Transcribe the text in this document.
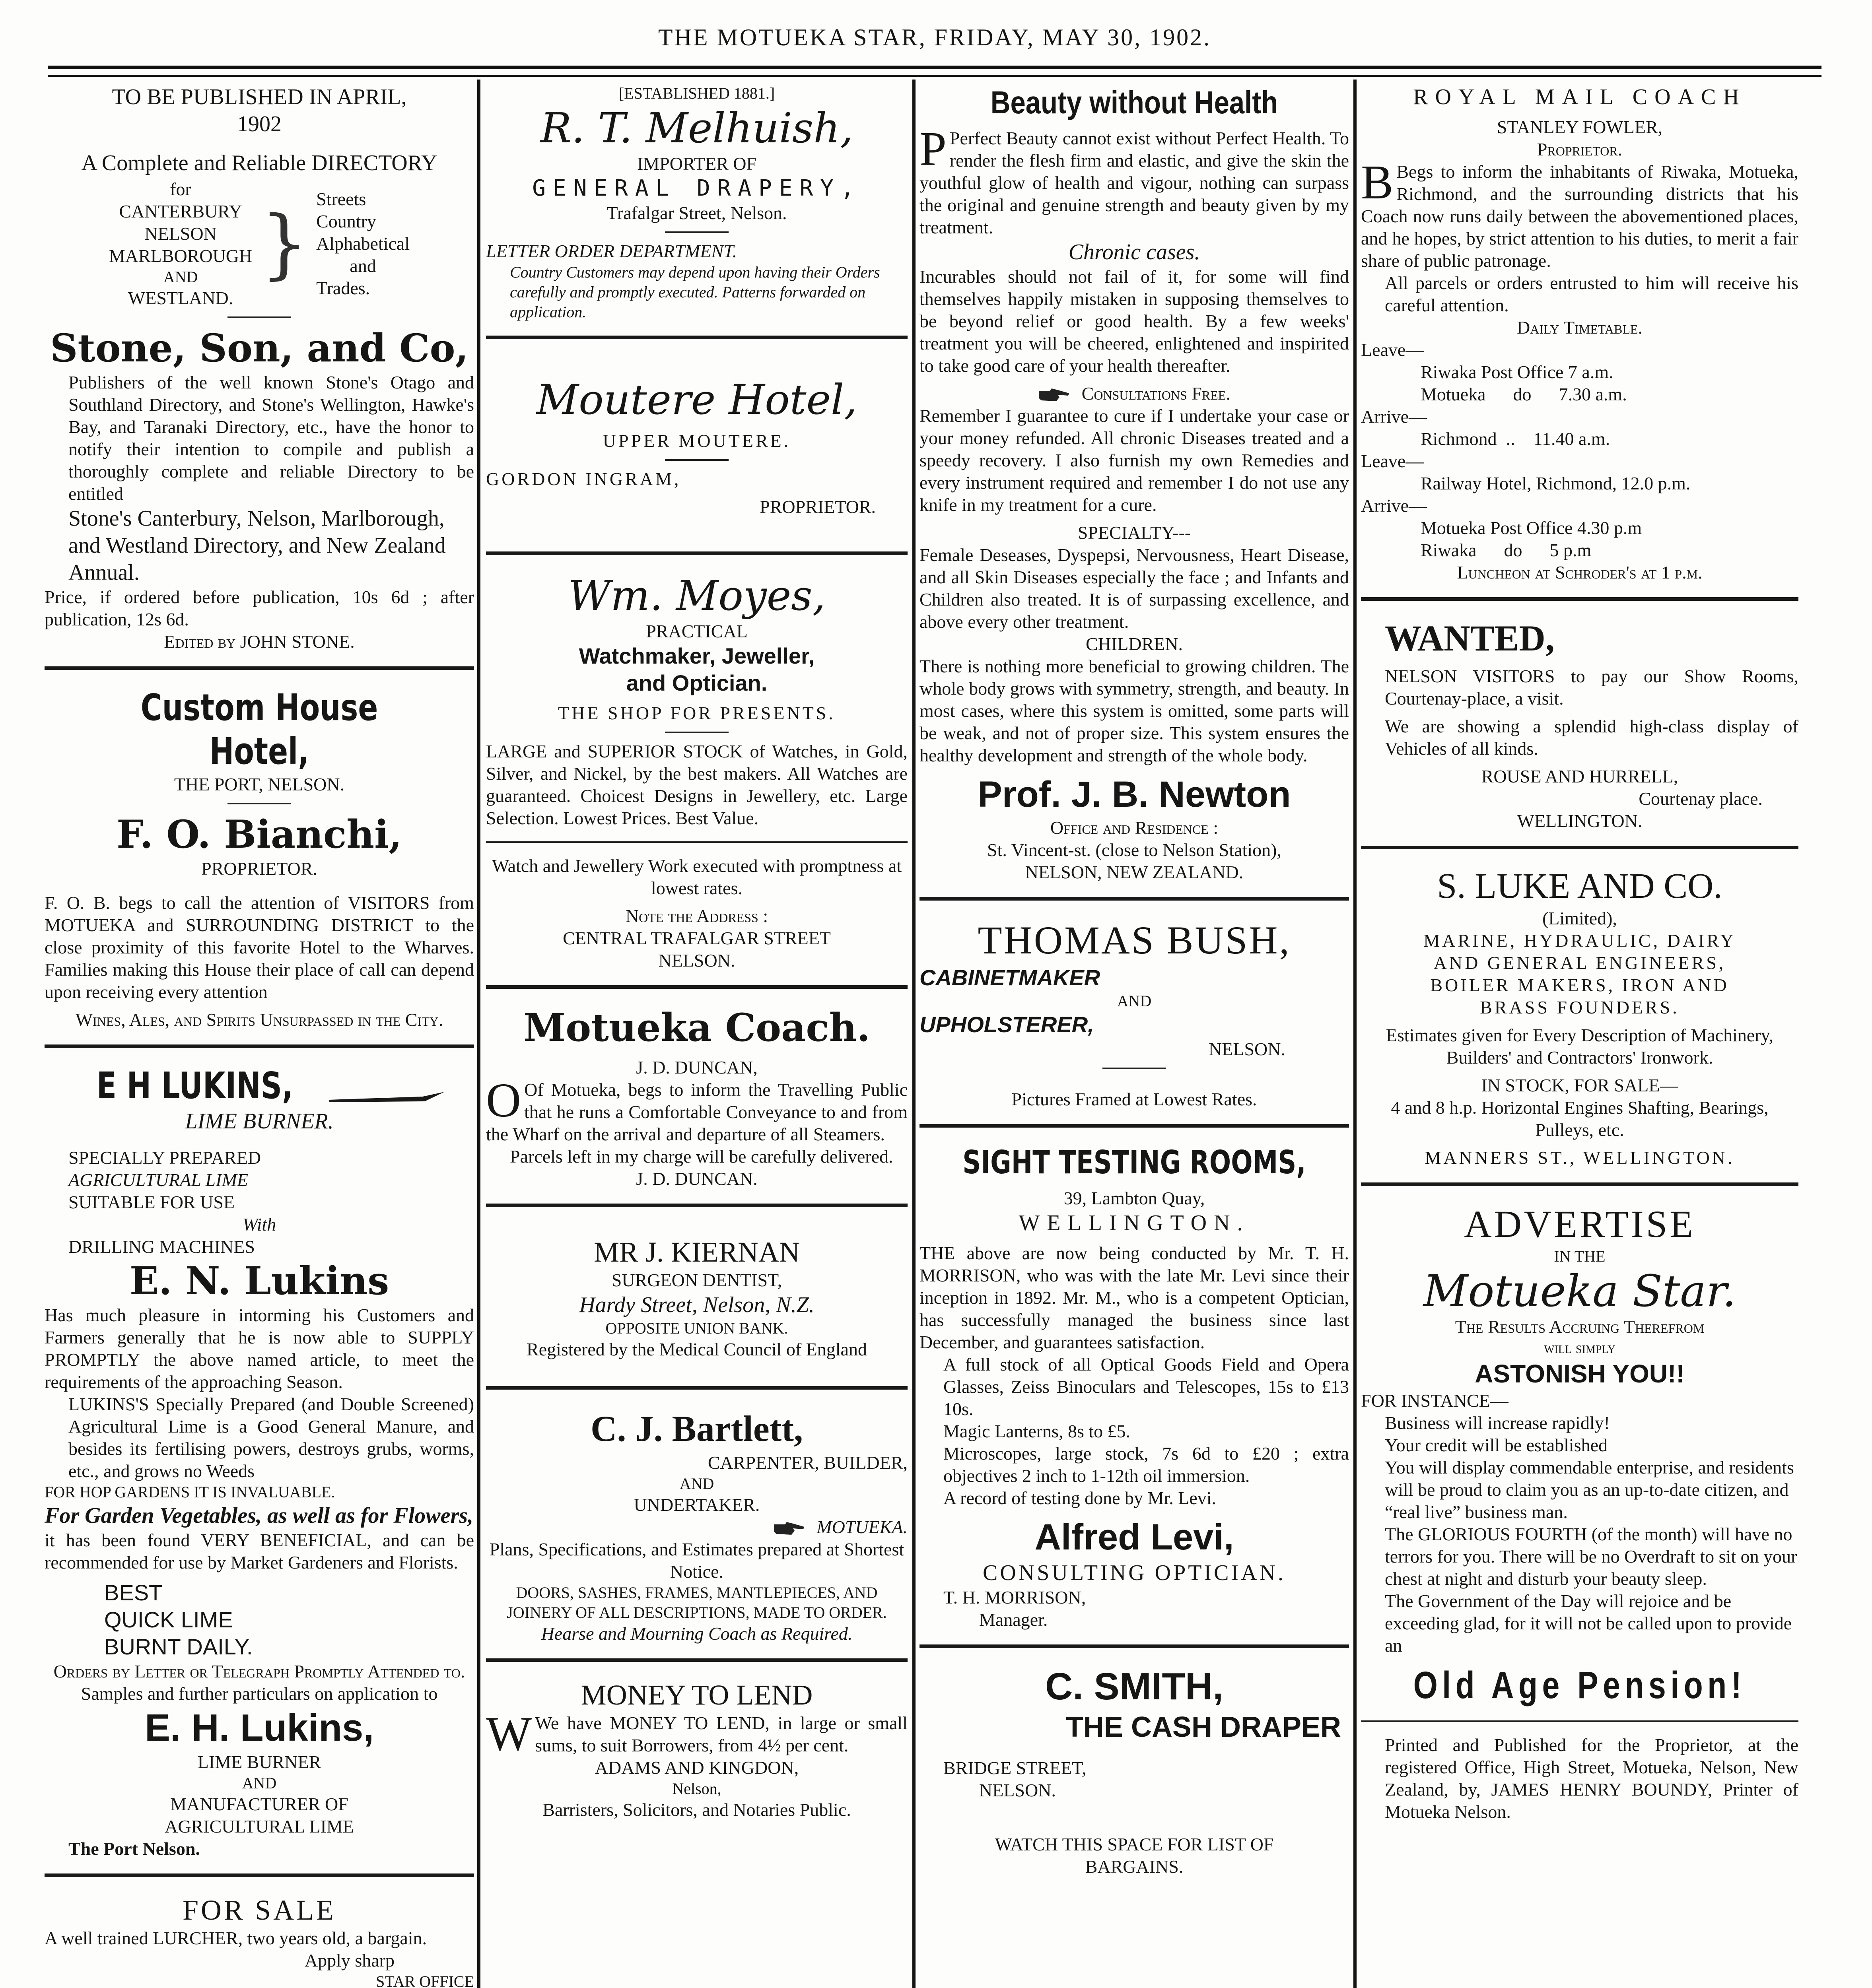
THE MOTUEKA STAR, FRIDAY, MAY 30, 1902.
TO BE PUBLISHED IN APRIL,
1902
A Complete and Reliable DIRECTORY
for
CANTERBURY
NELSON
MARLBOROUGH
AND
WESTLAND.
}
Streets
Country
Alphabetical
and
Trades.
Stone, Son, and Co,
Publishers of the well known Stone's Otago and Southland Directory, and Stone's Wellington, Hawke's Bay, and Taranaki Directory, etc., have the honor to notify their intention to compile and publish a thoroughly complete and reliable Directory to be entitled
Stone's Canterbury, Nelson, Marlborough, and Westland Directory, and New Zealand Annual.
Price, if ordered before publication, 10s 6d ; after publication, 12s 6d.
Edited by JOHN STONE.
Custom House Hotel,
THE PORT, NELSON.
F. O. Bianchi,
PROPRIETOR.
F. O. B. begs to call the attention of VISITORS from MOTUEKA and SURROUNDING DISTRICT to the close proximity of this favorite Hotel to the Wharves. Families making this House their place of call can depend upon receiving every attention
Wines, Ales, and Spirits Unsurpassed in the City.
E H LUKINS,
LIME BURNER.
SPECIALLY PREPARED
AGRICULTURAL LIME
SUITABLE FOR USE
With
DRILLING MACHINES
E. N. Lukins
Has much pleasure in intorming his Customers and Farmers generally that he is now able to SUPPLY PROMPTLY the above named article, to meet the requirements of the approaching Season.
LUKINS'S Specially Prepared (and Double Screened) Agricultural Lime is a Good General Manure, and besides its fertilising powers, destroys grubs, worms, etc., and grows no Weeds
FOR HOP GARDENS IT IS INVALUABLE.
For Garden Vegetables, as well as for Flowers,
it has been found VERY BENEFICIAL, and can be recommended for use by Market Gardeners and Florists.
BEST
QUICK LIME
BURNT DAILY.
Orders by Letter or Telegraph Promptly Attended to.
Samples and further particulars on application to
E. H. Lukins,
LIME BURNER
AND
MANUFACTURER OF
AGRICULTURAL LIME
The Port Nelson.
FOR SALE
A well trained LURCHER, two years old, a bargain.
Apply sharp
STAR OFFICE
[ESTABLISHED 1881.]
R. T. Melhuish,
IMPORTER OF
GENERAL DRAPERY,
Trafalgar Street, Nelson.
LETTER ORDER DEPARTMENT.
Country Customers may depend upon having their Orders carefully and promptly executed. Patterns forwarded on application.
Moutere Hotel,
UPPER MOUTERE.
GORDON INGRAM,
PROPRIETOR.
Wm. Moyes,
PRACTICAL
Watchmaker, Jeweller,
and Optician.
THE SHOP FOR PRESENTS.
LARGE and SUPERIOR STOCK of Watches, in Gold, Silver, and Nickel, by the best makers. All Watches are guaranteed. Choicest Designs in Jewellery, etc. Large Selection. Lowest Prices. Best Value.
Watch and Jewellery Work executed with promptness at lowest rates.
Note the Address :
CENTRAL TRAFALGAR STREET
NELSON.
Motueka Coach.
J. D. DUNCAN,
O Of Motueka, begs to inform the Travelling Public that he runs a Comfortable Conveyance to and from the Wharf on the arrival and departure of all Steamers.
Parcels left in my charge will be carefully delivered.
J. D. DUNCAN.
MR J. KIERNAN
SURGEON DENTIST,
Hardy Street, Nelson, N.Z.
OPPOSITE UNION BANK.
Registered by the Medical Council of England
C. J. Bartlett,
CARPENTER, BUILDER,
AND
UNDERTAKER.
MOTUEKA.
Plans, Specifications, and Estimates prepared at Shortest Notice.
DOORS, SASHES, FRAMES, MANTLEPIECES, AND JOINERY OF ALL DESCRIPTIONS, MADE TO ORDER.
Hearse and Mourning Coach as Required.
MONEY TO LEND
W We have MONEY TO LEND, in large or small sums, to suit Borrowers, from 4½ per cent.
ADAMS AND KINGDON,
Nelson,
Barristers, Solicitors, and Notaries Public.
Beauty without Health
P Perfect Beauty cannot exist without Perfect Health. To render the flesh firm and elastic, and give the skin the youthful glow of health and vigour, nothing can surpass the original and genuine strength and beauty given by my treatment.
Chronic cases.
Incurables should not fail of it, for some will find themselves happily mistaken in supposing themselves to be beyond relief or good health. By a few weeks' treatment you will be cheered, enlightened and inspirited to take good care of your health thereafter.
Consultations Free.
Remember I guarantee to cure if I undertake your case or your money refunded. All chronic Diseases treated and a speedy recovery. I also furnish my own Remedies and every instrument required and remember I do not use any knife in my treatment for a cure.
SPECIALTY---
Female Deseases, Dyspepsi, Nervousness, Heart Disease, and all Skin Diseases especially the face ; and Infants and Children also treated. It is of surpassing excellence, and above every other treatment.
CHILDREN.
There is nothing more beneficial to growing children. The whole body grows with symmetry, strength, and beauty. In most cases, where this system is omitted, some parts will be weak, and not of proper size. This system ensures the healthy development and strength of the whole body.
Prof. J. B. Newton
Office and Residence :
St. Vincent-st. (close to Nelson Station),
NELSON, NEW ZEALAND.
THOMAS BUSH,
CABINETMAKER
AND
UPHOLSTERER,
NELSON.
Pictures Framed at Lowest Rates.
SIGHT TESTING ROOMS,
39, Lambton Quay,
WELLINGTON.
THE above are now being conducted by Mr. T. H. MORRISON, who was with the late Mr. Levi since their inception in 1892. Mr. M., who is a competent Optician, has successfully managed the business since last December, and guarantees satisfaction.
A full stock of all Optical Goods Field and Opera Glasses, Zeiss Binoculars and Telescopes, 15s to £13 10s.
Magic Lanterns, 8s to £5.
Microscopes, large stock, 7s 6d to £20 ; extra objectives 2 inch to 1-12th oil immersion.
A record of testing done by Mr. Levi.
Alfred Levi,
CONSULTING OPTICIAN.
T. H. MORRISON,
Manager.
C. SMITH,
THE CASH DRAPER
BRIDGE STREET,
NELSON.
WATCH THIS SPACE FOR LIST OF BARGAINS.
ROYAL MAIL COACH
STANLEY FOWLER,
Proprietor.
B Begs to inform the inhabitants of Riwaka, Motueka, Richmond, and the surrounding districts that his Coach now runs daily between the abovementioned places, and he hopes, by strict attention to his duties, to merit a fair share of public patronage.
All parcels or orders entrusted to him will receive his careful attention.
Daily Timetable.
Leave—
Riwaka Post Office 7 a.m.
Motueka      do      7.30 a.m.
Arrive—
Richmond  ..    11.40 a.m.
Leave—
Railway Hotel, Richmond, 12.0 p.m.
Arrive—
Motueka Post Office 4.30 p.m
Riwaka      do      5 p.m
Luncheon at Schroder's at 1 p.m.
WANTED,
NELSON VISITORS to pay our Show Rooms, Courtenay-place, a visit.
We are showing a splendid high-class display of Vehicles of all kinds.
ROUSE AND HURRELL,
Courtenay place.
WELLINGTON.
S. LUKE AND CO.
(Limited),
MARINE, HYDRAULIC, DAIRY
AND GENERAL ENGINEERS,
BOILER MAKERS, IRON AND
BRASS FOUNDERS.
Estimates given for Every Description of Machinery, Builders' and Contractors' Ironwork.
IN STOCK, FOR SALE—
4 and 8 h.p. Horizontal Engines Shafting, Bearings, Pulleys, etc.
MANNERS ST., WELLINGTON.
ADVERTISE
IN THE
Motueka Star.
The Results Accruing Therefrom
will simply
ASTONISH YOU!!
FOR INSTANCE—
Business will increase rapidly!
Your credit will be established
You will display commendable enterprise, and residents will be proud to claim you as an up-to-date citizen, and “real live” business man.
The GLORIOUS FOURTH (of the month) will have no terrors for you. There will be no Overdraft to sit on your chest at night and disturb your beauty sleep.
The Government of the Day will rejoice and be exceeding glad, for it will not be called upon to provide an
Old Age Pension!
Printed and Published for the Proprietor, at the registered Office, High Street, Motueka, Nelson, New Zealand, by, JAMES HENRY BOUNDY, Printer of Motueka Nelson.
